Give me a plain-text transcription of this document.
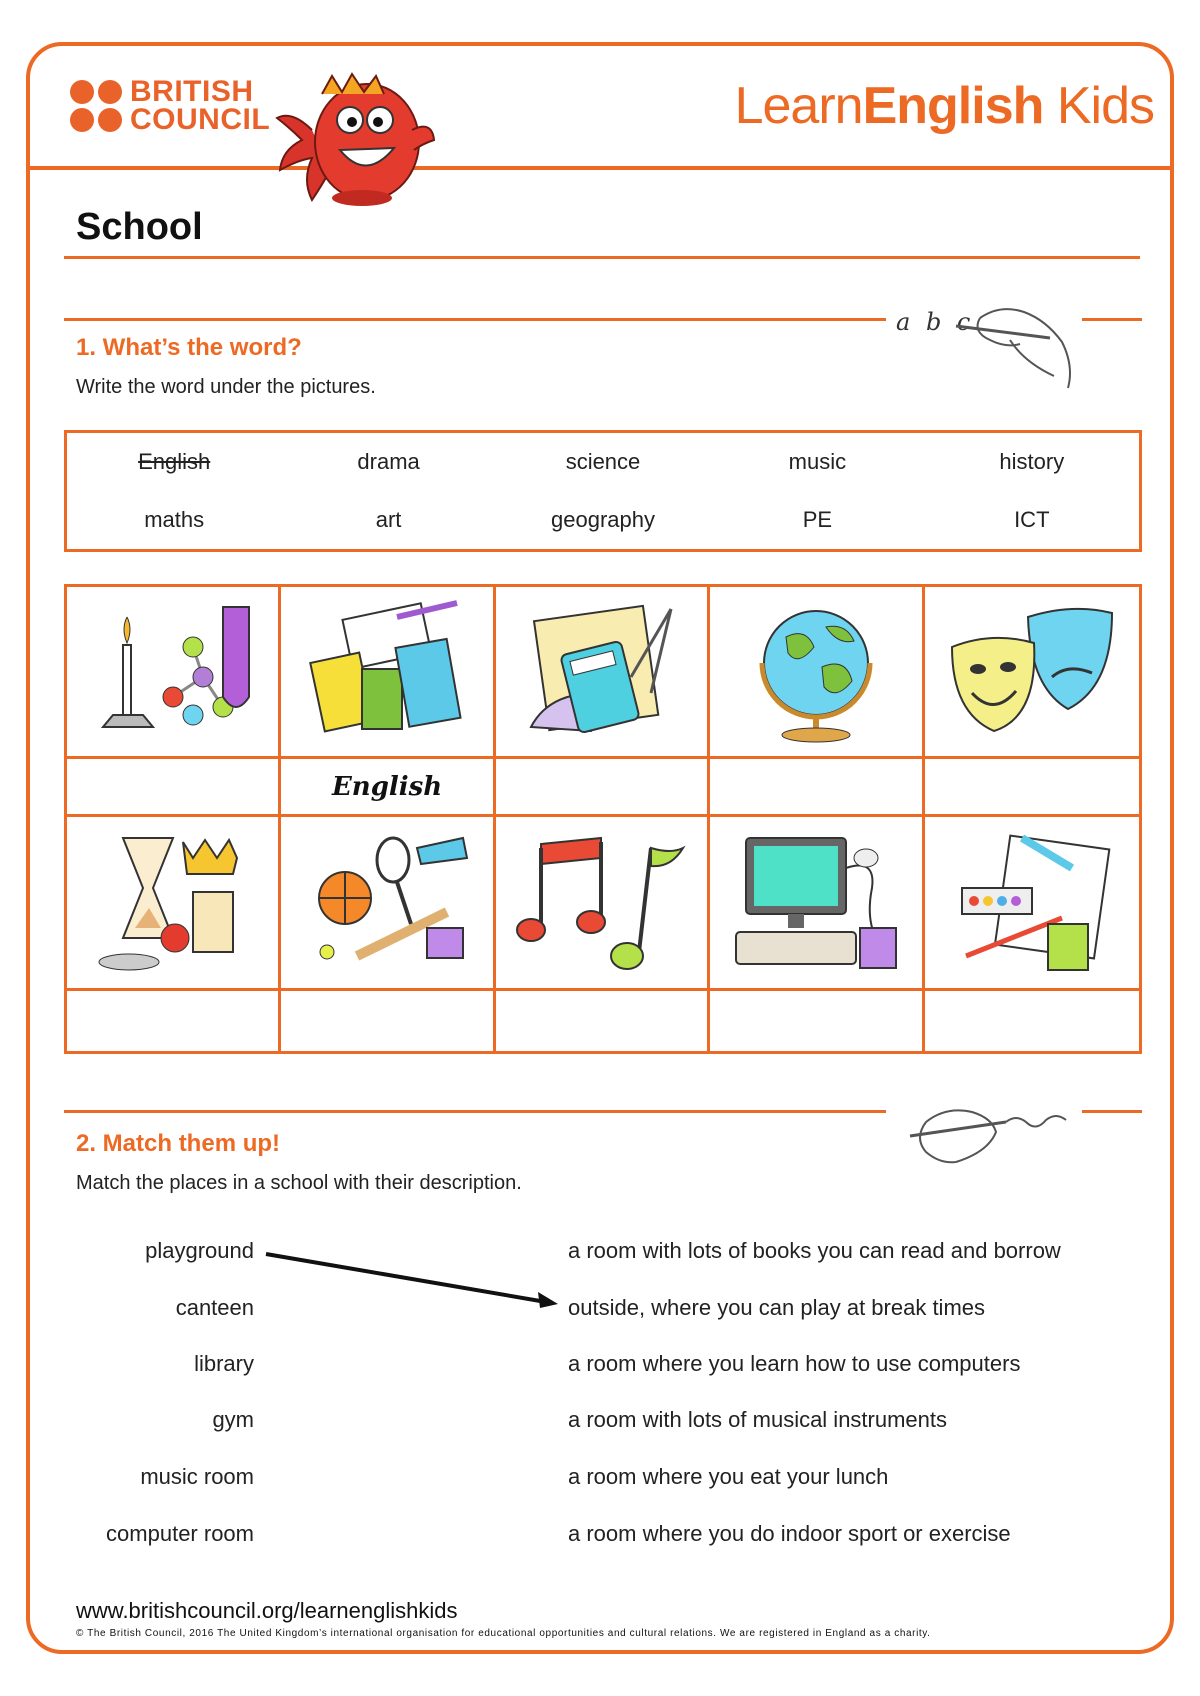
BRITISH
COUNCIL	LearnEnglish Kids
School
a b c
1. What’s the word?
Write the word under the pictures.
English	drama	science	music	history
maths	art	geography	PE	ICT
English
2. Match them up!
Match the places in a school with their description.
playground
canteen
library
gym
music room
computer room
a room with lots of books you can read and borrow
outside, where you can play at break times
a room where you learn how to use computers
a room with lots of musical instruments
a room where you eat your lunch
a room where you do indoor sport or exercise
www.britishcouncil.org/learnenglishkids
© The British Council, 2016 The United Kingdom’s international organisation for educational opportunities and cultural relations. We are registered in England as a charity.
